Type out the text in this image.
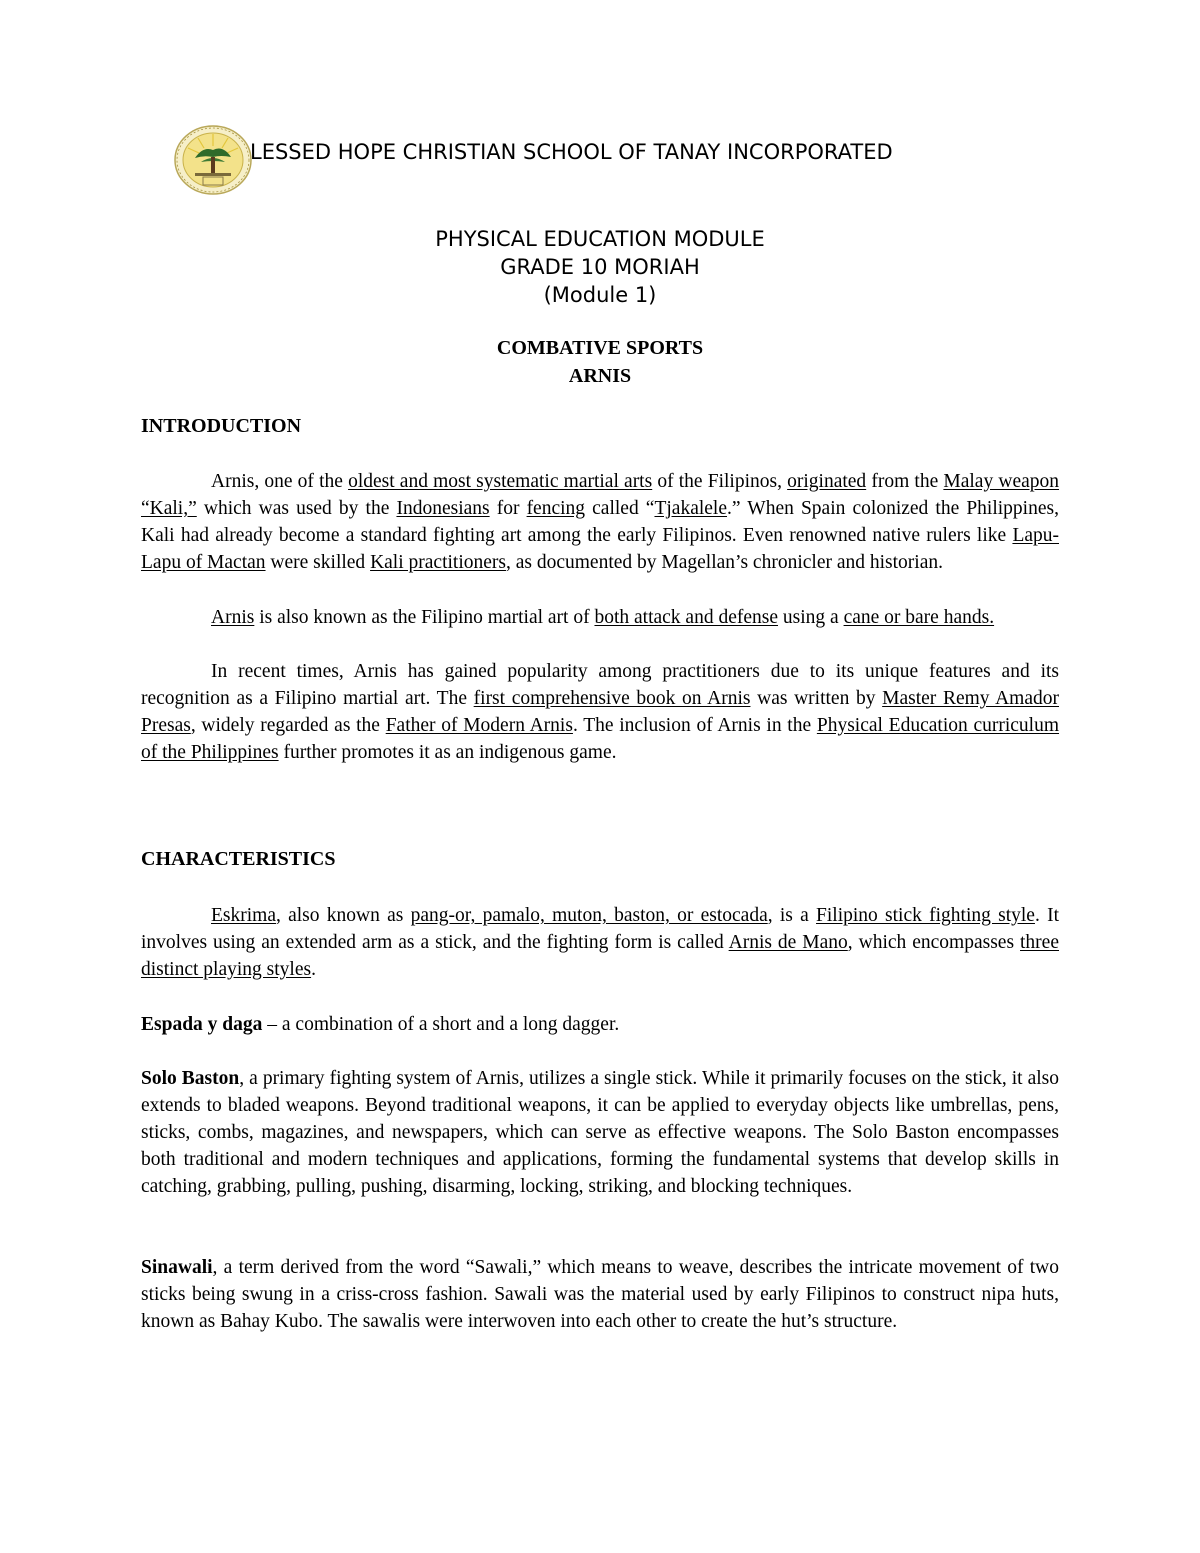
LESSED HOPE CHRISTIAN SCHOOL OF TANAY INCORPORATED
PHYSICAL EDUCATION MODULE
GRADE 10 MORIAH
(Module 1)
COMBATIVE SPORTS
ARNIS
INTRODUCTION

Arnis, one of the oldest and most systematic martial arts of the Filipinos, originated from the Malay weapon “Kali,” which was used by the Indonesians for fencing called “Tjakalele.” When Spain colonized the Philippines, Kali had already become a standard fighting art among the early Filipinos. Even renowned native rulers like Lapu-Lapu of Mactan were skilled Kali practitioners, as documented by Magellan’s chronicler and historian.

Arnis is also known as the Filipino martial art of both attack and defense using a cane or bare hands.

In recent times, Arnis has gained popularity among practitioners due to its unique features and its recognition as a Filipino martial art. The first comprehensive book on Arnis was written by Master Remy Amador Presas, widely regarded as the Father of Modern Arnis. The inclusion of Arnis in the Physical Education curriculum of the Philippines further promotes it as an indigenous game.

CHARACTERISTICS

Eskrima, also known as pang-or, pamalo, muton, baston, or estocada, is a Filipino stick fighting style. It involves using an extended arm as a stick, and the fighting form is called Arnis de Mano, which encompasses three distinct playing styles.

Espada y daga – a combination of a short and a long dagger.

Solo Baston, a primary fighting system of Arnis, utilizes a single stick. While it primarily focuses on the stick, it also extends to bladed weapons. Beyond traditional weapons, it can be applied to everyday objects like umbrellas, pens, sticks, combs, magazines, and newspapers, which can serve as effective weapons. The Solo Baston encompasses both traditional and modern techniques and applications, forming the fundamental systems that develop skills in catching, grabbing, pulling, pushing, disarming, locking, striking, and blocking techniques.

Sinawali, a term derived from the word “Sawali,” which means to weave, describes the intricate movement of two sticks being swung in a criss-cross fashion. Sawali was the material used by early Filipinos to construct nipa huts, known as Bahay Kubo. The sawalis were interwoven into each other to create the hut’s structure.
